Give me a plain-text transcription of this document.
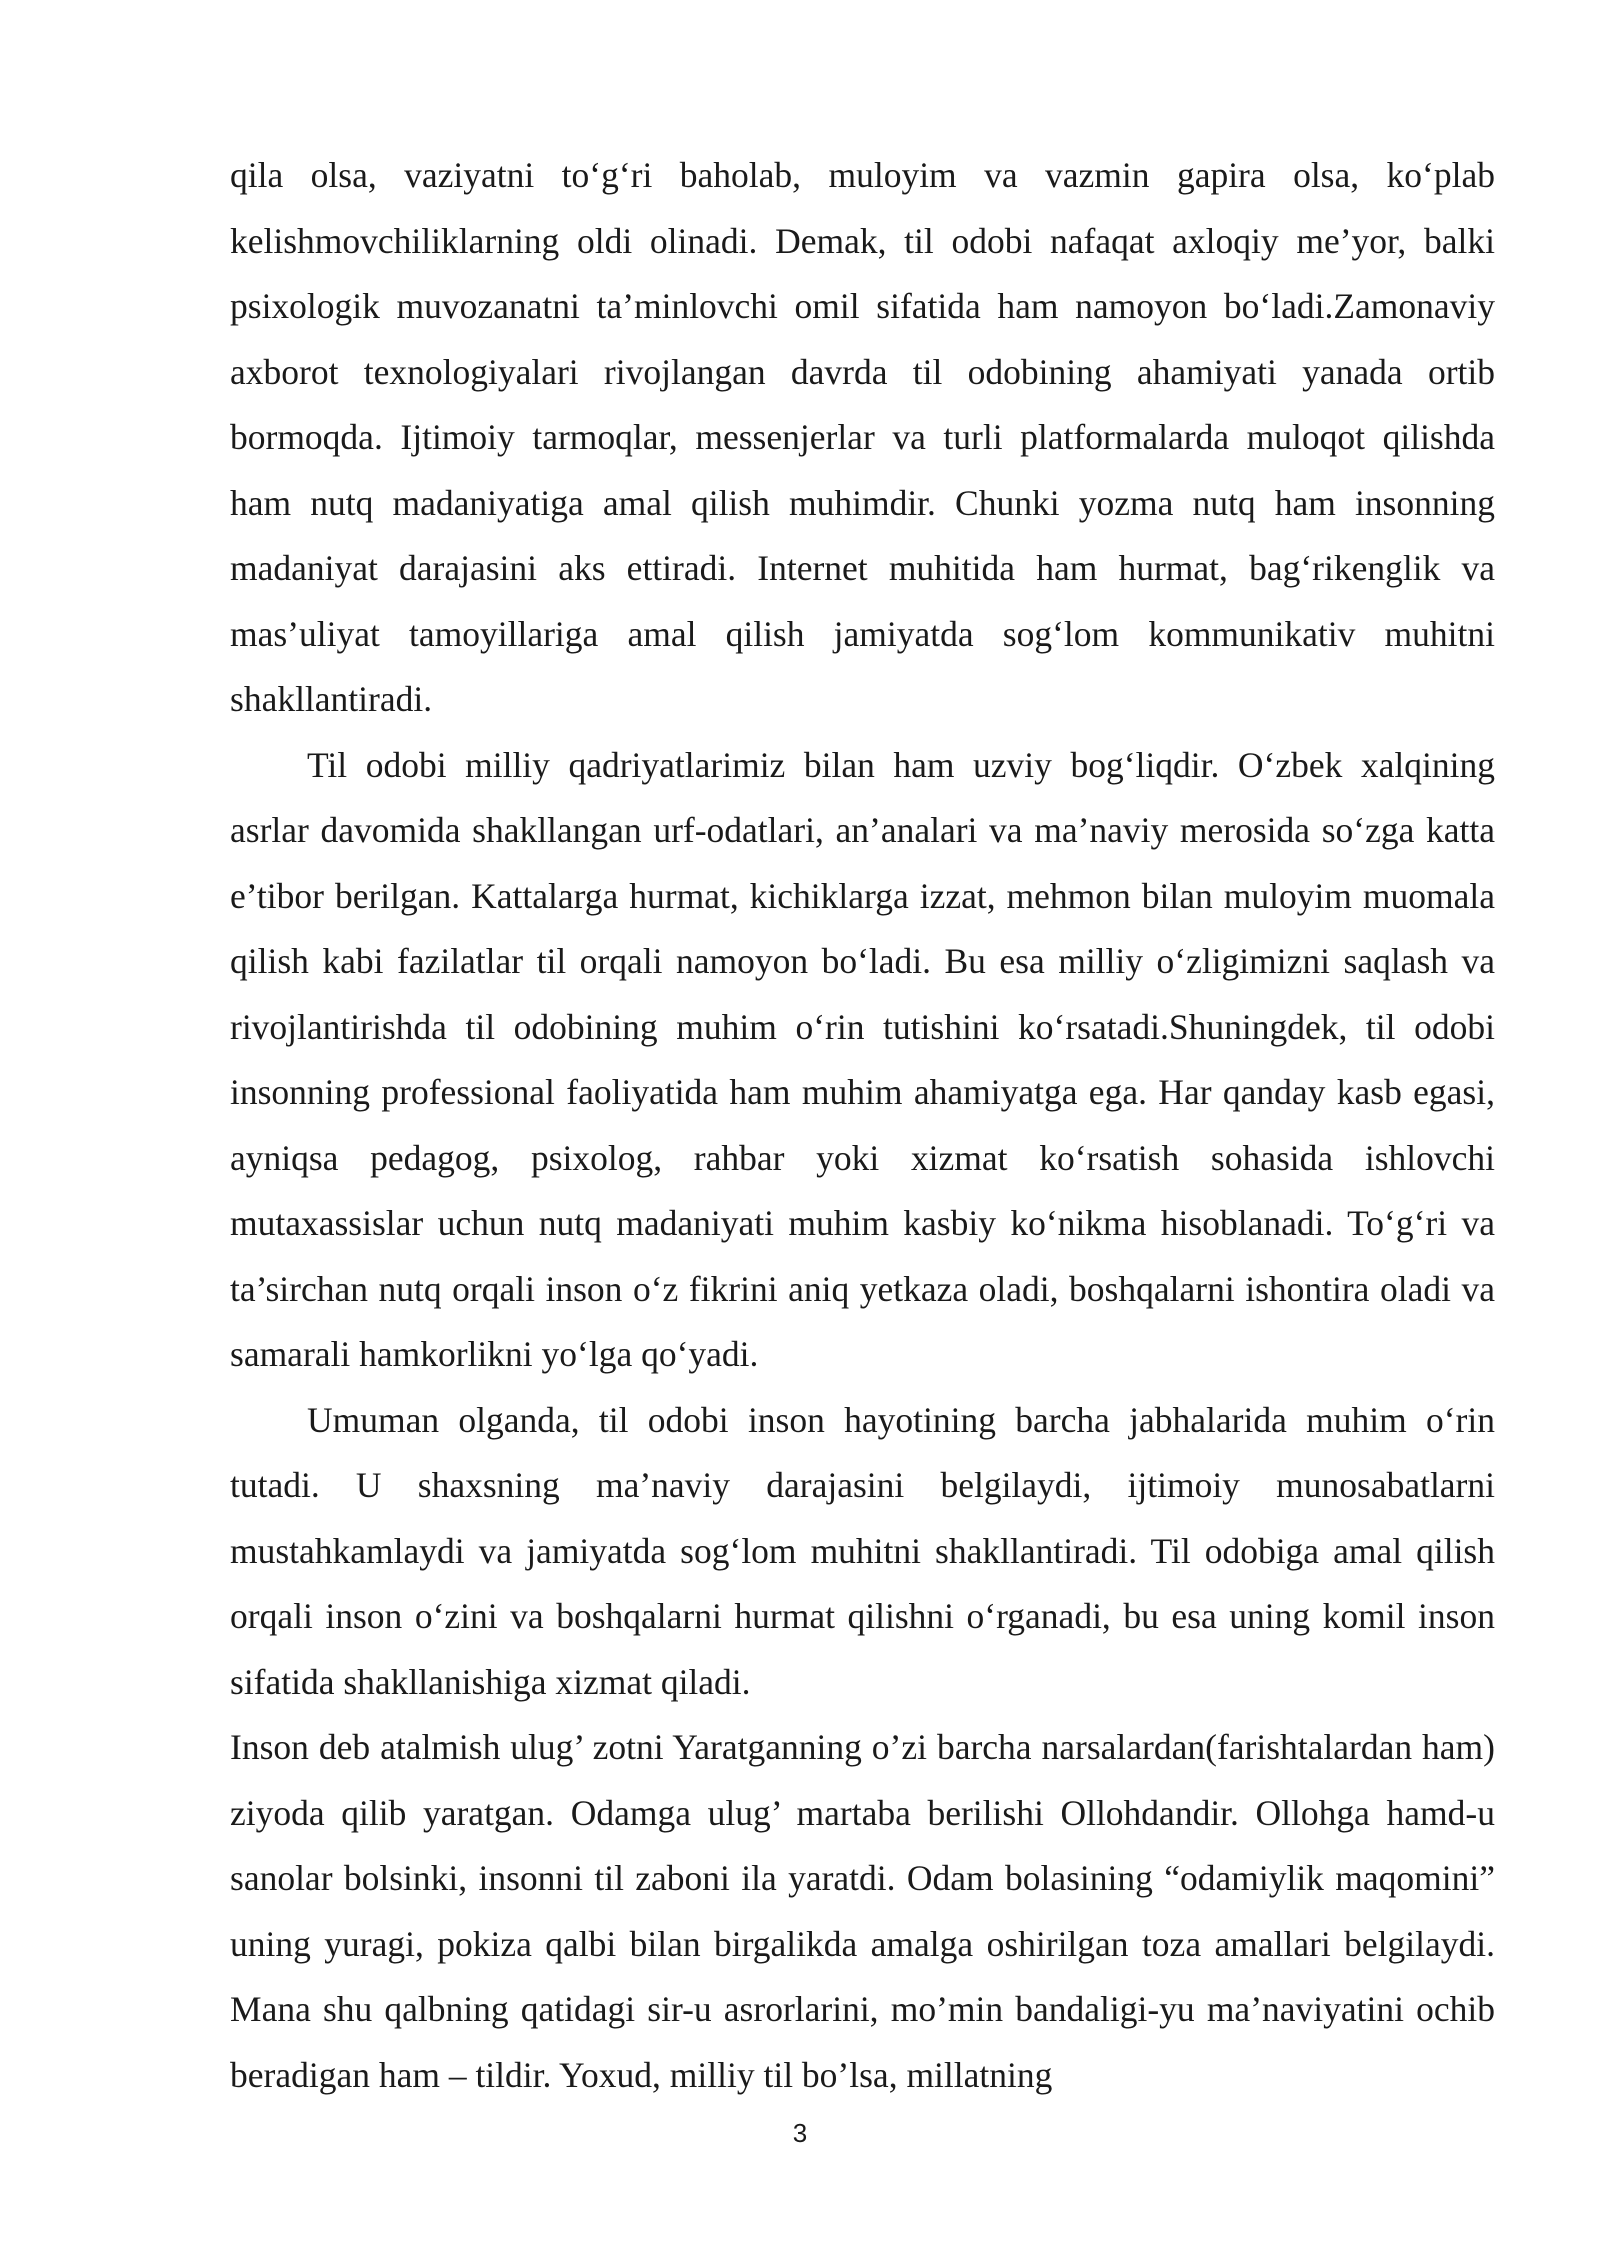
qila olsa, vaziyatni to‘g‘ri baholab, muloyim va vazmin gapira olsa, ko‘plab kelishmovchiliklarning oldi olinadi. Demak, til odobi nafaqat axloqiy me’yor, balki psixologik muvozanatni ta’minlovchi omil sifatida ham namoyon bo‘ladi.Zamonaviy axborot texnologiyalari rivojlangan davrda til odobining ahamiyati yanada ortib bormoqda. Ijtimoiy tarmoqlar, messenjerlar va turli platformalarda muloqot qilishda ham nutq madaniyatiga amal qilish muhimdir. Chunki yozma nutq ham insonning madaniyat darajasini aks ettiradi. Internet muhitida ham hurmat, bag‘rikenglik va mas’uliyat tamoyillariga amal qilish jamiyatda sog‘lom kommunikativ muhitni shakllantiradi.

Til odobi milliy qadriyatlarimiz bilan ham uzviy bog‘liqdir. O‘zbek xalqining asrlar davomida shakllangan urf-odatlari, an’analari va ma’naviy merosida so‘zga katta e’tibor berilgan. Kattalarga hurmat, kichiklarga izzat, mehmon bilan muloyim muomala qilish kabi fazilatlar til orqali namoyon bo‘ladi. Bu esa milliy o‘zligimizni saqlash va rivojlantirishda til odobining muhim o‘rin tutishini ko‘rsatadi.Shuningdek, til odobi insonning professional faoliyatida ham muhim ahamiyatga ega. Har qanday kasb egasi, ayniqsa pedagog, psixolog, rahbar yoki xizmat ko‘rsatish sohasida ishlovchi mutaxassislar uchun nutq madaniyati muhim kasbiy ko‘nikma hisoblanadi. To‘g‘ri va ta’sirchan nutq orqali inson o‘z fikrini aniq yetkaza oladi, boshqalarni ishontira oladi va samarali hamkorlikni yo‘lga qo‘yadi.

Umuman olganda, til odobi inson hayotining barcha jabhalarida muhim o‘rin tutadi. U shaxsning ma’naviy darajasini belgilaydi, ijtimoiy munosabatlarni mustahkamlaydi va jamiyatda sog‘lom muhitni shakllantiradi. Til odobiga amal qilish orqali inson o‘zini va boshqalarni hurmat qilishni o‘rganadi, bu esa uning komil inson sifatida shakllanishiga xizmat qiladi.

Inson deb atalmish ulug’ zotni Yaratganning o’zi barcha narsalardan(farishtalardan ham) ziyoda qilib yaratgan. Odamga ulug’ martaba berilishi Ollohdandir. Ollohga hamd-u sanolar bolsinki, insonni til zaboni ila yaratdi. Odam bolasining “odamiylik maqomini” uning yuragi, pokiza qalbi bilan birgalikda amalga oshirilgan toza amallari belgilaydi. Mana shu qalbning qatidagi sir-u asrorlarini, mo’min bandaligi-yu ma’naviyatini ochib beradigan ham – tildir. Yoxud, milliy til bo’lsa, millatning

3
